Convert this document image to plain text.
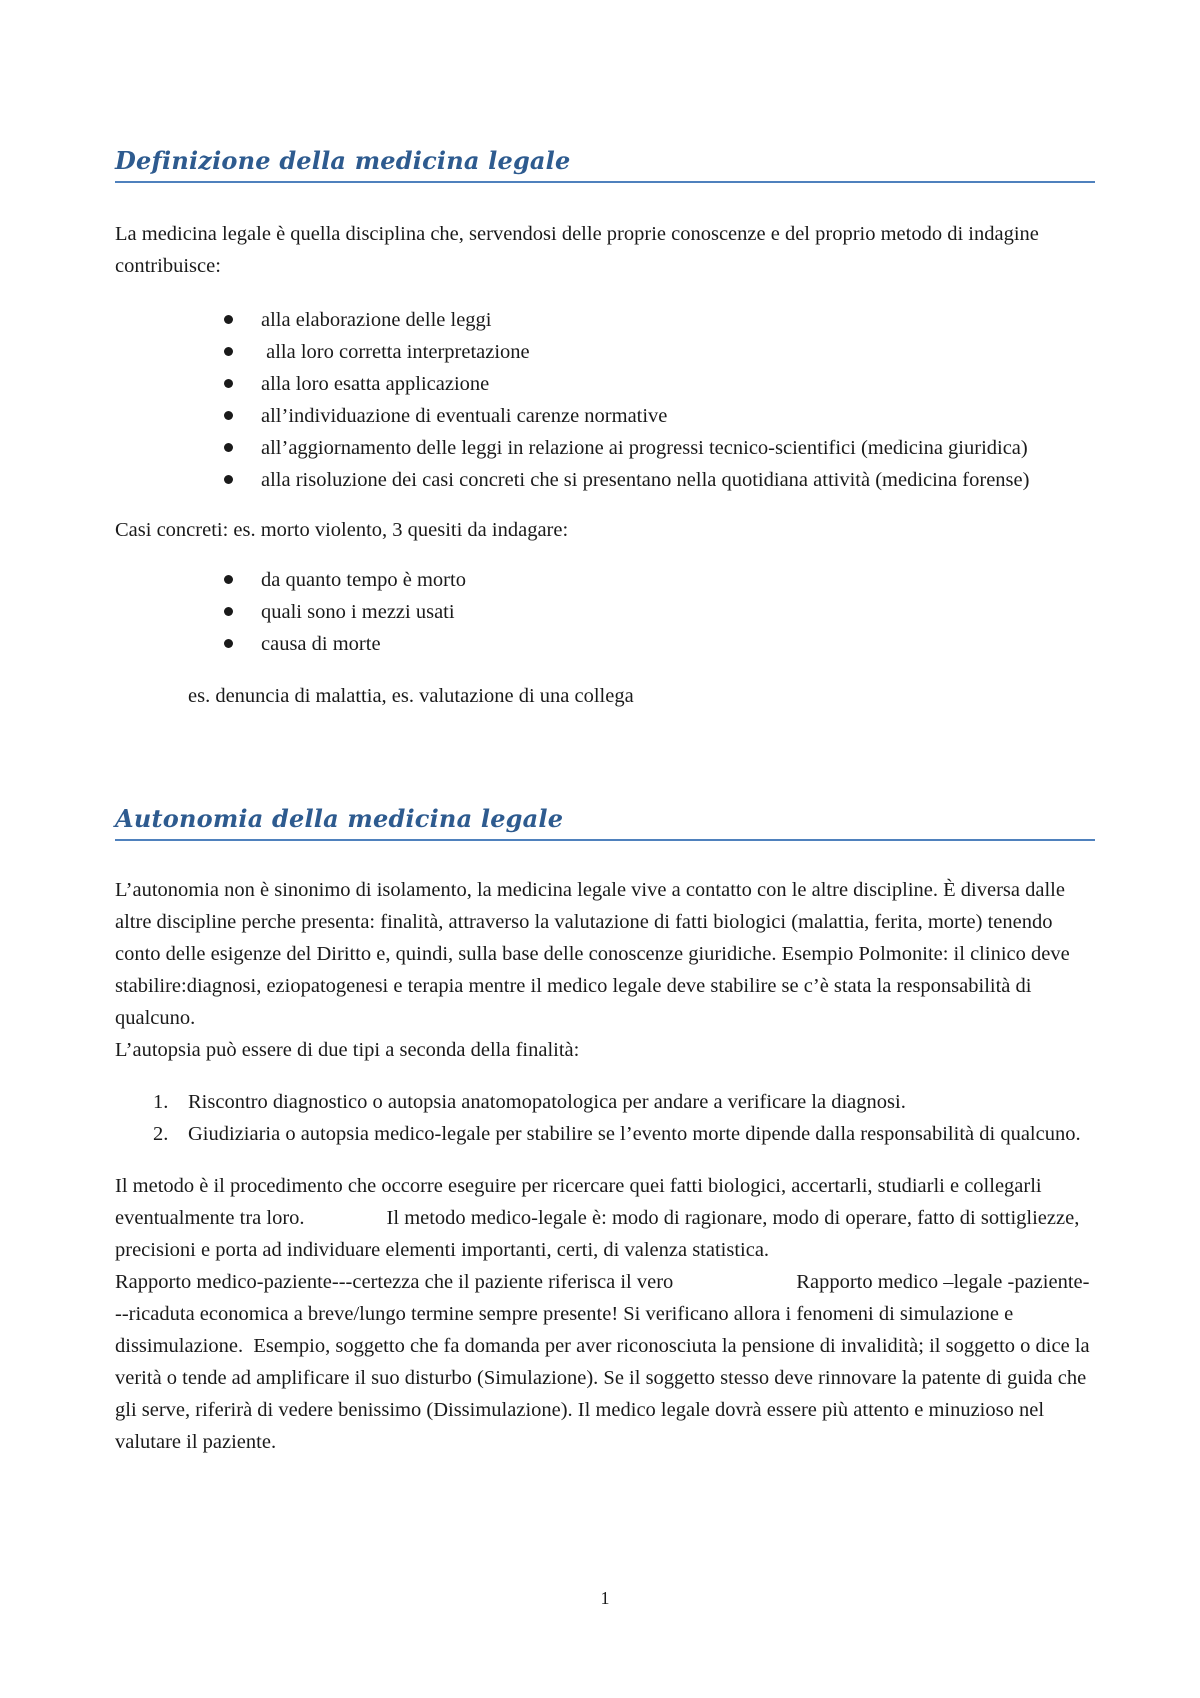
Definizione della medicina legale

La medicina legale è quella disciplina che, servendosi delle proprie conoscenze e del proprio metodo di indagine contribuisce:

alla elaborazione delle leggi
alla loro corretta interpretazione
alla loro esatta applicazione
all’individuazione di eventuali carenze normative
all’aggiornamento delle leggi in relazione ai progressi tecnico-scientifici (medicina giuridica)
alla risoluzione dei casi concreti che si presentano nella quotidiana attività (medicina forense)

Casi concreti: es. morto violento, 3 quesiti da indagare:

da quanto tempo è morto
quali sono i mezzi usati
causa di morte

es. denuncia di malattia, es. valutazione di una collega

Autonomia della medicina legale

L’autonomia non è sinonimo di isolamento, la medicina legale vive a contatto con le altre discipline. È diversa dalle altre discipline perche presenta: finalità, attraverso la valutazione di fatti biologici (malattia, ferita, morte) tenendo conto delle esigenze del Diritto e, quindi, sulla base delle conoscenze giuridiche. Esempio Polmonite: il clinico deve stabilire:diagnosi, eziopatogenesi e terapia mentre il medico legale deve stabilire se c’è stata la responsabilità di qualcuno.

L’autopsia può essere di due tipi a seconda della finalità:

1. Riscontro diagnostico o autopsia anatomopatologica per andare a verificare la diagnosi.
2. Giudiziaria o autopsia medico-legale per stabilire se l’evento morte dipende dalla responsabilità di qualcuno.

Il metodo è il procedimento che occorre eseguire per ricercare quei fatti biologici, accertarli, studiarli e collegarli eventualmente tra loro.                Il metodo medico-legale è: modo di ragionare, modo di operare, fatto di sottigliezze, precisioni e porta ad individuare elementi importanti, certi, di valenza statistica.                                                     Rapporto medico-paziente---certezza che il paziente riferisca il vero                        Rapporto medico –legale -paziente---ricaduta economica a breve/lungo termine sempre presente! Si verificano allora i fenomeni di simulazione e dissimulazione.  Esempio, soggetto che fa domanda per aver riconosciuta la pensione di invalidità; il soggetto o dice la verità o tende ad amplificare il suo disturbo (Simulazione). Se il soggetto stesso deve rinnovare la patente di guida che gli serve, riferirà di vedere benissimo (Dissimulazione). Il medico legale dovrà essere più attento e minuzioso nel valutare il paziente.

1
